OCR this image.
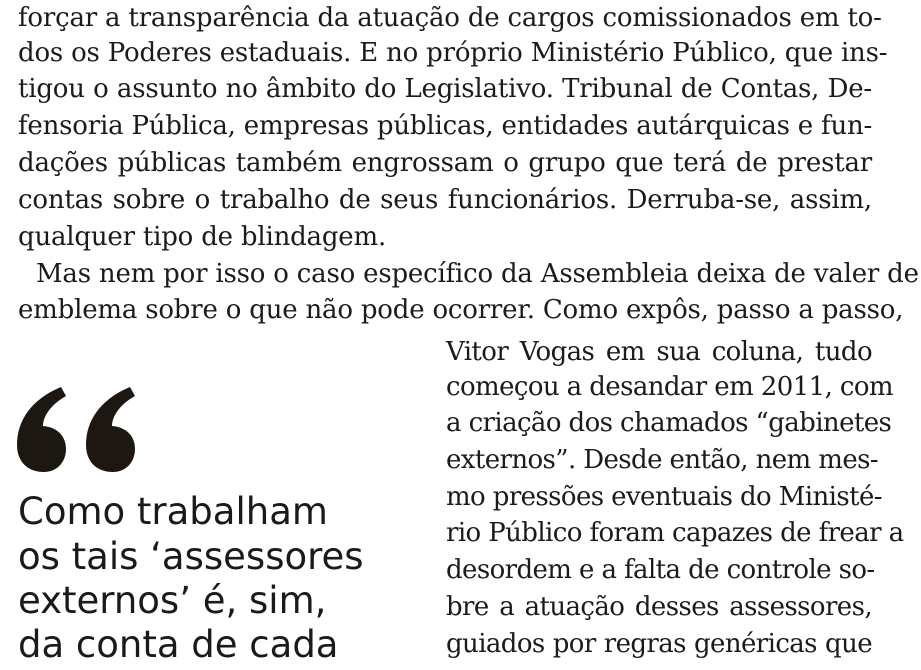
forçar a transparência da atuação de cargos comissionados em to-
dos os Poderes estaduais. E no próprio Ministério Público, que ins-
tigou o assunto no âmbito do Legislativo. Tribunal de Contas, De-
fensoria Pública, empresas públicas, entidades autárquicas e fun-
dações públicas também engrossam o grupo que terá de prestar
contas sobre o trabalho de seus funcionários. Derruba-se, assim,
qualquer tipo de blindagem.
Mas nem por isso o caso específico da Assembleia deixa de valer de
emblema sobre o que não pode ocorrer. Como expôs, passo a passo,
Vitor Vogas em sua coluna, tudo
começou a desandar em 2011, com
a criação dos chamados “gabinetes
externos”. Desde então, nem mes-
mo pressões eventuais do Ministé-
rio Público foram capazes de frear a
desordem e a falta de controle so-
bre a atuação desses assessores,
guiados por regras genéricas que
Como trabalham
os tais ‘assessores
externos’ é, sim,
da conta de cada
